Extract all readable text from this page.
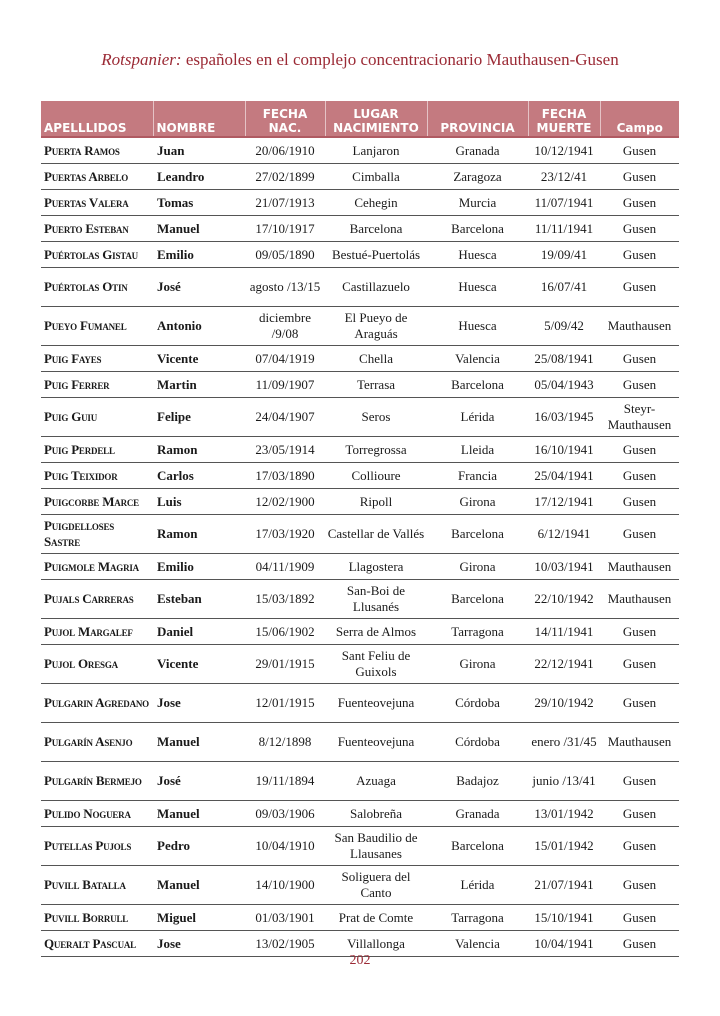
Rotspanier: españoles en el complejo concentracionario Mauthausen-Gusen
APELLLIDOS	NOMBRE	FECHA NAC.	LUGAR NACIMIENTO	PROVINCIA	FECHA MUERTE	Campo
Puerta Ramos	Juan	20/06/1910	Lanjaron	Granada	10/12/1941	Gusen
Puertas Arbelo	Leandro	27/02/1899	Cimballa	Zaragoza	23/12/41	Gusen
Puertas Valera	Tomas	21/07/1913	Cehegin	Murcia	11/07/1941	Gusen
Puerto Esteban	Manuel	17/10/1917	Barcelona	Barcelona	11/11/1941	Gusen
Puértolas Gistau	Emilio	09/05/1890	Bestué-Puertolás	Huesca	19/09/41	Gusen
Puértolas Otin	José	agosto /13/15	Castillazuelo	Huesca	16/07/41	Gusen
Pueyo Fumanel	Antonio	diciembre /9/08	El Pueyo de Araguás	Huesca	5/09/42	Mauthausen
Puig Fayes	Vicente	07/04/1919	Chella	Valencia	25/08/1941	Gusen
Puig Ferrer	Martin	11/09/1907	Terrasa	Barcelona	05/04/1943	Gusen
Puig Guiu	Felipe	24/04/1907	Seros	Lérida	16/03/1945	Steyr-Mauthausen
Puig Perdell	Ramon	23/05/1914	Torregrossa	Lleida	16/10/1941	Gusen
Puig Teixidor	Carlos	17/03/1890	Collioure	Francia	25/04/1941	Gusen
Puigcorbe Marce	Luis	12/02/1900	Ripoll	Girona	17/12/1941	Gusen
Puigdelloses Sastre	Ramon	17/03/1920	Castellar de Vallés	Barcelona	6/12/1941	Gusen
Puigmole Magria	Emilio	04/11/1909	Llagostera	Girona	10/03/1941	Mauthausen
Pujals Carreras	Esteban	15/03/1892	San-Boi de Llusanés	Barcelona	22/10/1942	Mauthausen
Pujol Margalef	Daniel	15/06/1902	Serra de Almos	Tarragona	14/11/1941	Gusen
Pujol Oresga	Vicente	29/01/1915	Sant Feliu de Guixols	Girona	22/12/1941	Gusen
Pulgarin Agredano	Jose	12/01/1915	Fuenteovejuna	Córdoba	29/10/1942	Gusen
Pulgarín Asenjo	Manuel	8/12/1898	Fuenteovejuna	Córdoba	enero /31/45	Mauthausen
Pulgarín Bermejo	José	19/11/1894	Azuaga	Badajoz	junio /13/41	Gusen
Pulido Noguera	Manuel	09/03/1906	Salobreña	Granada	13/01/1942	Gusen
Putellas Pujols	Pedro	10/04/1910	San Baudilio de Llausanes	Barcelona	15/01/1942	Gusen
Puvill Batalla	Manuel	14/10/1900	Soliguera del Canto	Lérida	21/07/1941	Gusen
Puvill Borrull	Miguel	01/03/1901	Prat de Comte	Tarragona	15/10/1941	Gusen
Queralt Pascual	Jose	13/02/1905	Villallonga	Valencia	10/04/1941	Gusen
202
